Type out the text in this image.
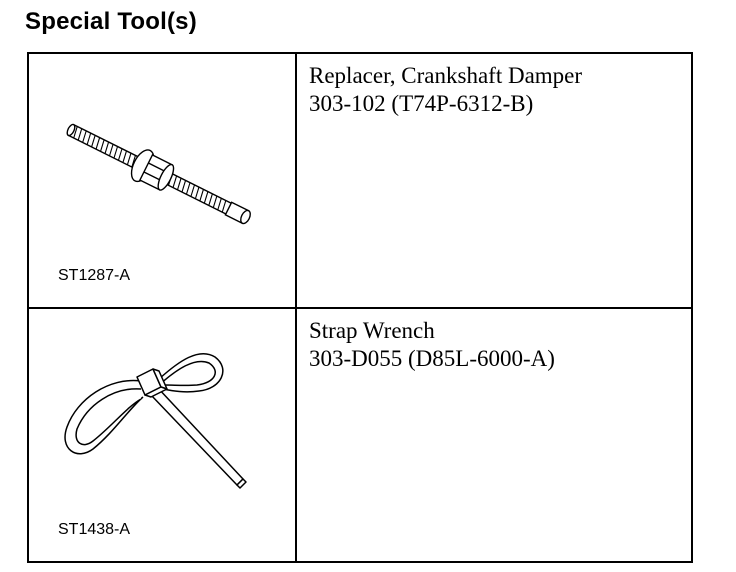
Special Tool(s)
ST1287-A
Replacer, Crankshaft Damper
303-102 (T74P-6312-B)
ST1438-A
Strap Wrench
303-D055 (D85L-6000-A)
